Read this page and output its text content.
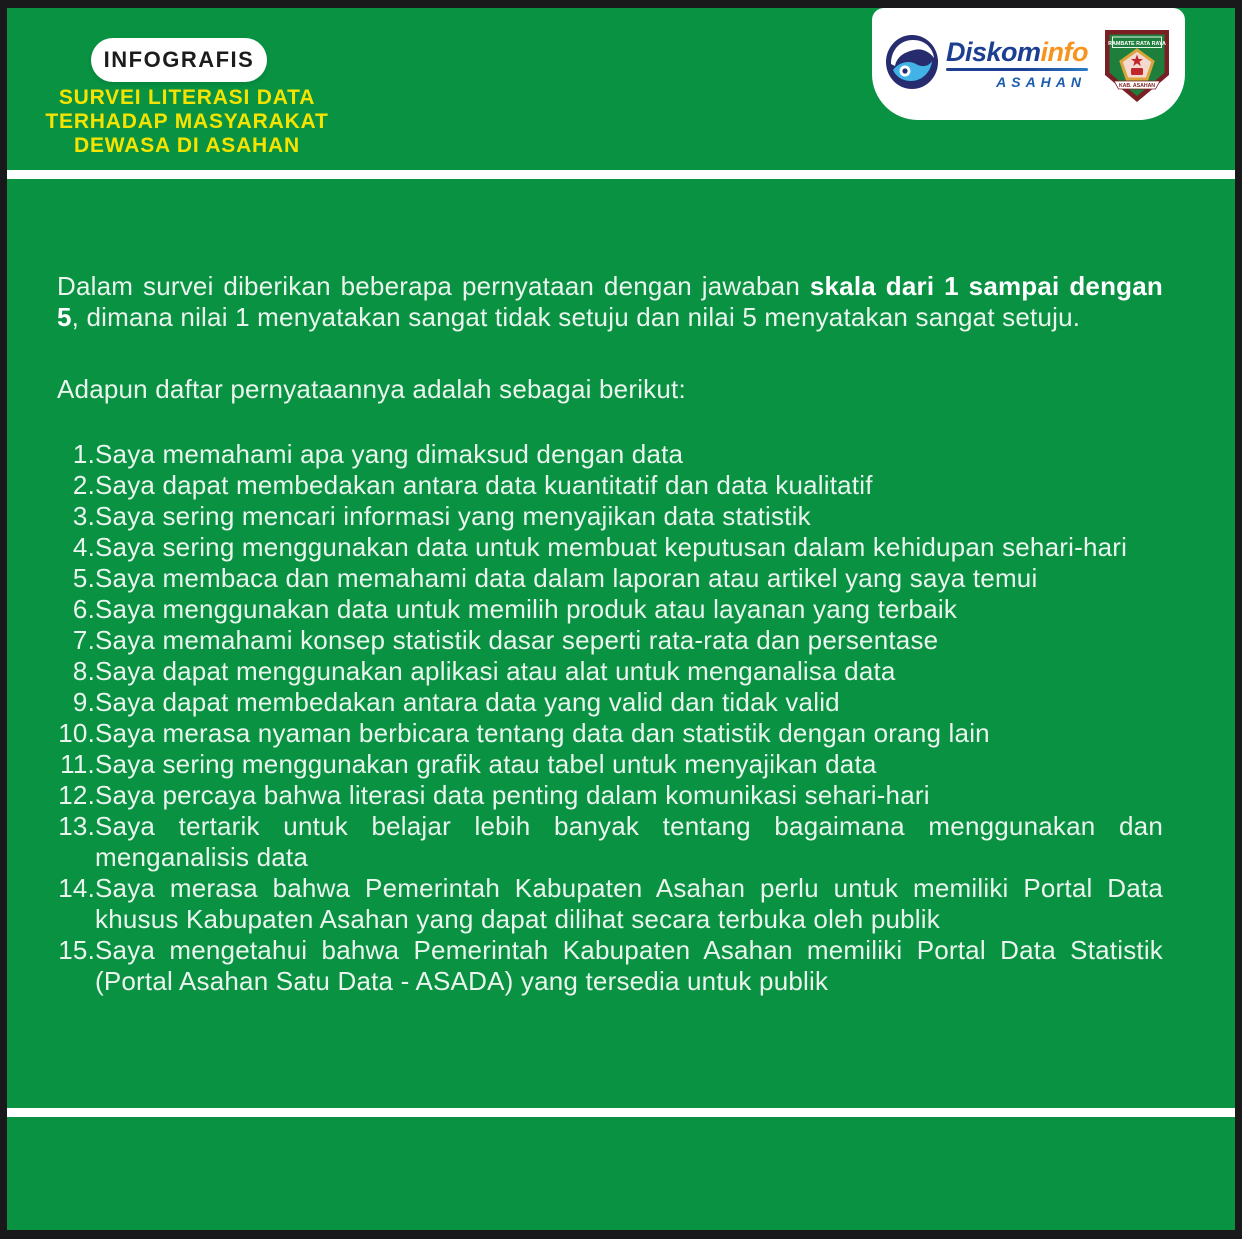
INFOGRAFIS
SURVEI LITERASI DATA
TERHADAP MASYARAKAT
DEWASA DI ASAHAN
Diskominfo
ASAHAN
RAMBATE RATA RAYA
KAB. ASAHAN

Dalam survei diberikan beberapa pernyataan dengan jawaban skala dari 1 sampai dengan 5, dimana nilai 1 menyatakan sangat tidak setuju dan nilai 5 menyatakan sangat setuju.

Adapun daftar pernyataannya adalah sebagai berikut:

1. Saya memahami apa yang dimaksud dengan data
2. Saya dapat membedakan antara data kuantitatif dan data kualitatif
3. Saya sering mencari informasi yang menyajikan data statistik
4. Saya sering menggunakan data untuk membuat keputusan dalam kehidupan sehari-hari
5. Saya membaca dan memahami data dalam laporan atau artikel yang saya temui
6. Saya menggunakan data untuk memilih produk atau layanan yang terbaik
7. Saya memahami konsep statistik dasar seperti rata-rata dan persentase
8. Saya dapat menggunakan aplikasi atau alat untuk menganalisa data
9. Saya dapat membedakan antara data yang valid dan tidak valid
10. Saya merasa nyaman berbicara tentang data dan statistik dengan orang lain
11. Saya sering menggunakan grafik atau tabel untuk menyajikan data
12. Saya percaya bahwa literasi data penting dalam komunikasi sehari-hari
13. Saya tertarik untuk belajar lebih banyak tentang bagaimana menggunakan dan menganalisis data
14. Saya merasa bahwa Pemerintah Kabupaten Asahan perlu untuk memiliki Portal Data khusus Kabupaten Asahan yang dapat dilihat secara terbuka oleh publik
15. Saya mengetahui bahwa Pemerintah Kabupaten Asahan memiliki Portal Data Statistik (Portal Asahan Satu Data - ASADA) yang tersedia untuk publik
